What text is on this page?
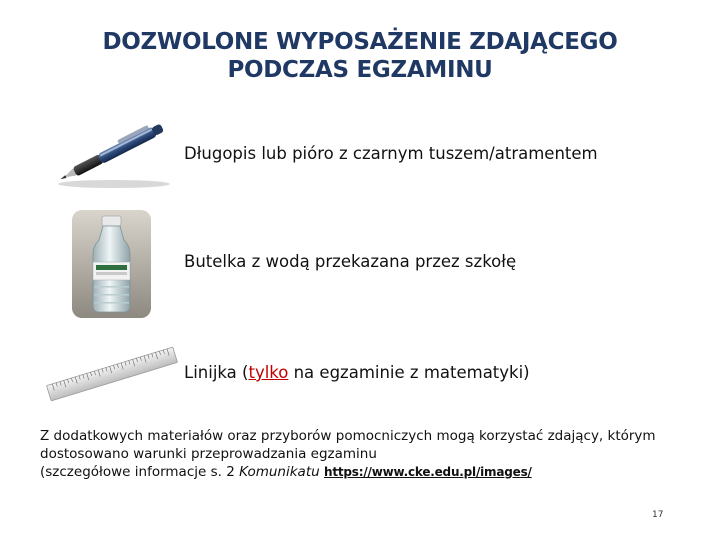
DOZWOLONE WYPOSAŻENIE ZDAJĄCEGO
PODCZAS EGZAMINU
Długopis lub pióro z czarnym tuszem/atramentem
Butelka z wodą przekazana przez szkołę
Linijka (tylko na egzaminie z matematyki)
Z dodatkowych materiałów oraz przyborów pomocniczych mogą korzystać zdający, którym
dostosowano warunki przeprowadzania egzaminu
(szczegółowe informacje s. 2 Komunikatu https://www.cke.edu.pl/images/
17
